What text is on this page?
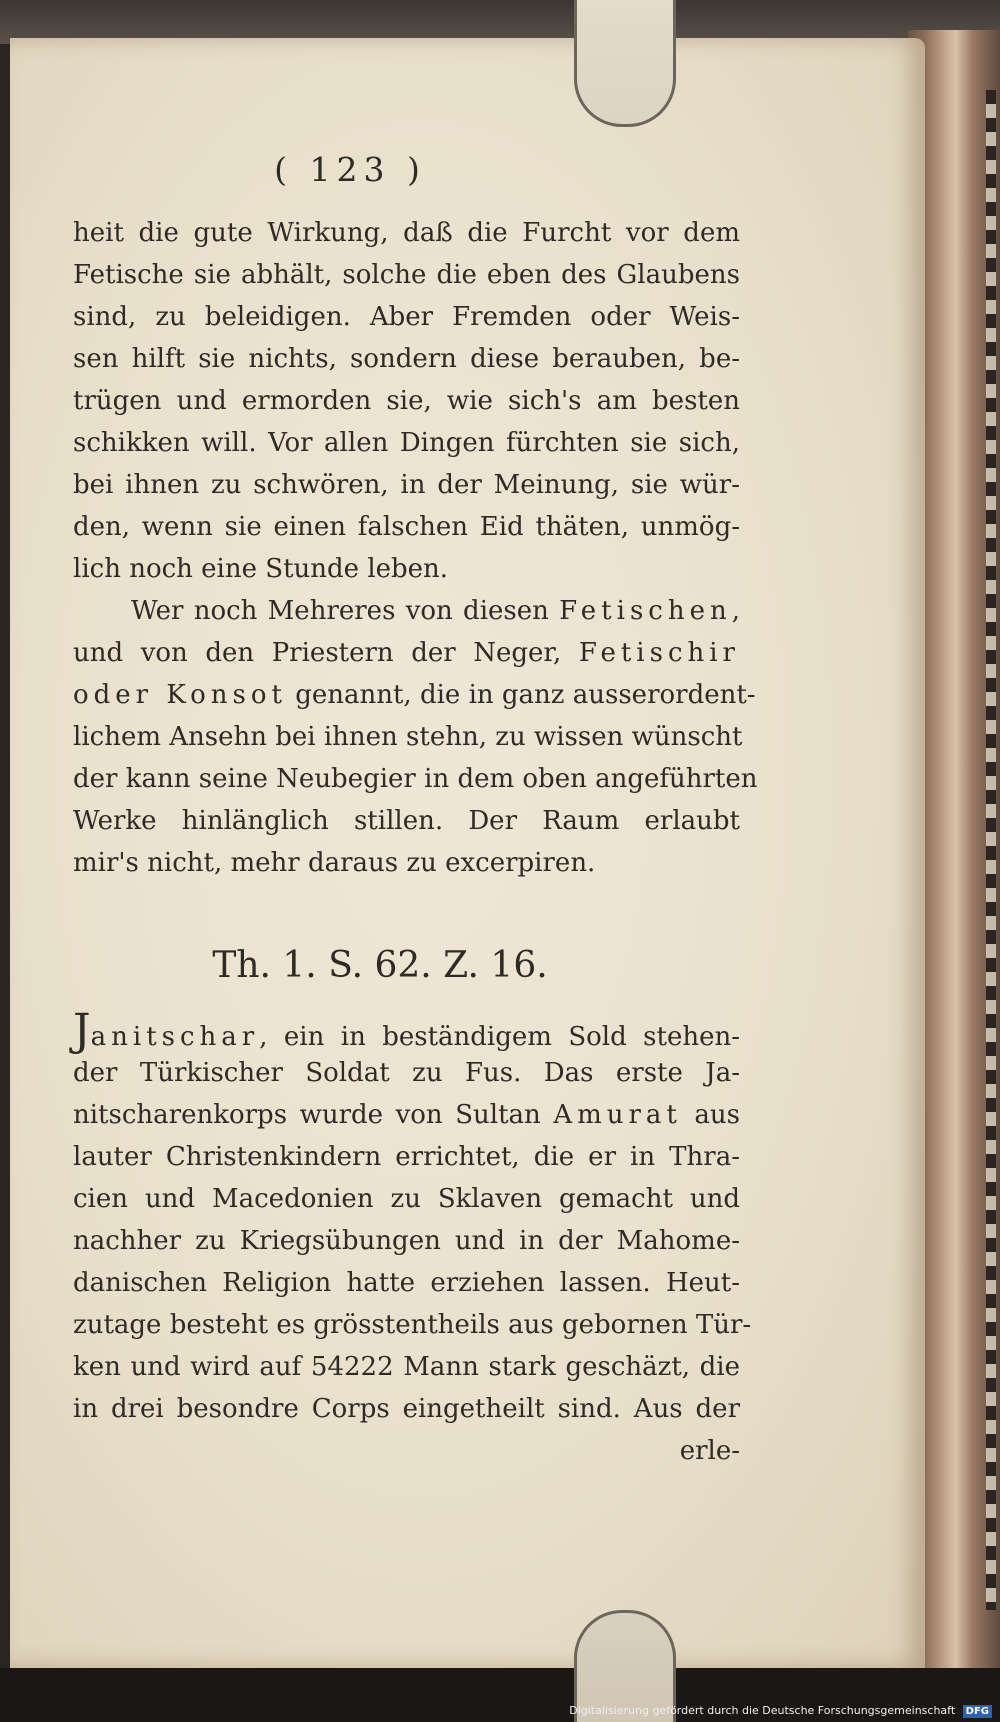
( 123 )
heit die gute Wirkung, daß die Furcht vor dem
Fetische sie abhält, solche die eben des Glaubens
sind, zu beleidigen. Aber Fremden oder Weis-
sen hilft sie nichts, sondern diese berauben, be-
trügen und ermorden sie, wie sich's am besten
schikken will. Vor allen Dingen fürchten sie sich,
bei ihnen zu schwören, in der Meinung, sie wür-
den, wenn sie einen falschen Eid thäten, unmög-
lich noch eine Stunde leben.
Wer noch Mehreres von diesen Fetischen,
und von den Priestern der Neger, Fetischir
oder Konsot genannt, die in ganz ausserordent-
lichem Ansehn bei ihnen stehn, zu wissen wünscht
der kann seine Neubegier in dem oben angeführten
Werke hinlänglich stillen. Der Raum erlaubt
mir's nicht, mehr daraus zu excerpiren.
Th. 1. S. 62. Z. 16.
Janitschar, ein in beständigem Sold stehen-
der Türkischer Soldat zu Fus. Das erste Ja-
nitscharenkorps wurde von Sultan Amurat aus
lauter Christenkindern errichtet, die er in Thra-
cien und Macedonien zu Sklaven gemacht und
nachher zu Kriegsübungen und in der Mahome-
danischen Religion hatte erziehen lassen. Heut-
zutage besteht es grösstentheils aus gebornen Tür-
ken und wird auf 54222 Mann stark geschäzt, die
in drei besondre Corps eingetheilt sind. Aus der
erle-
Digitalisierung gefördert durch die Deutsche Forschungsgemeinschaft DFG
